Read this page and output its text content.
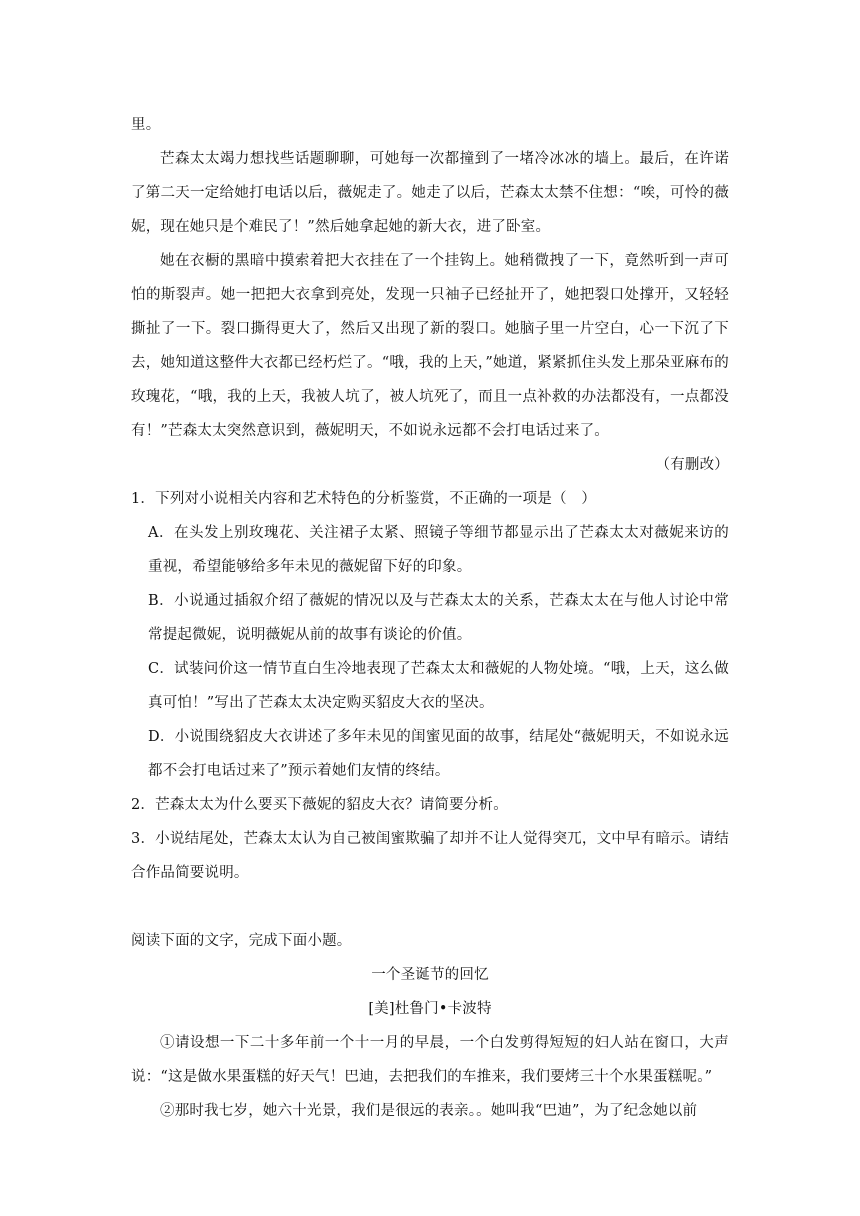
里。

芒森太太竭力想找些话题聊聊，可她每一次都撞到了一堵冷冰冰的墙上。最后，在许诺了第二天一定给她打电话以后，薇妮走了。她走了以后，芒森太太禁不住想：“唉，可怜的薇妮，现在她只是个难民了！”然后她拿起她的新大衣，进了卧室。

她在衣橱的黑暗中摸索着把大衣挂在了一个挂钩上。她稍微拽了一下，竟然听到一声可怕的斯裂声。她一把把大衣拿到亮处，发现一只袖子已经扯开了，她把裂口处撑开，又轻轻撕扯了一下。裂口撕得更大了，然后又出现了新的裂口。她脑子里一片空白，心一下沉了下去，她知道这整件大衣都已经朽烂了。“哦，我的上天，”她道，紧紧抓住头发上那朵亚麻布的玫瑰花，“哦，我的上天，我被人坑了，被人坑死了，而且一点补救的办法都没有，一点都没有！”芒森太太突然意识到，薇妮明天，不如说永远都不会打电话过来了。

（有删改）

1．下列对小说相关内容和艺术特色的分析鉴赏，不正确的一项是（　）

A．在头发上别玫瑰花、关注裙子太紧、照镜子等细节都显示出了芒森太太对薇妮来访的重视，希望能够给多年未见的薇妮留下好的印象。

B．小说通过插叙介绍了薇妮的情况以及与芒森太太的关系，芒森太太在与他人讨论中常常提起微妮，说明薇妮从前的故事有谈论的价值。

C．试装问价这一情节直白生冷地表现了芒森太太和薇妮的人物处境。“哦，上天，这么做真可怕！”写出了芒森太太决定购买貂皮大衣的坚决。

D．小说围绕貂皮大衣讲述了多年未见的闺蜜见面的故事，结尾处“薇妮明天，不如说永远都不会打电话过来了”预示着她们友情的终结。

2．芒森太太为什么要买下薇妮的貂皮大衣？请简要分析。

3．小说结尾处，芒森太太认为自己被闺蜜欺骗了却并不让人觉得突兀，文中早有暗示。请结合作品简要说明。

阅读下面的文字，完成下面小题。

一个圣诞节的回忆

[美]杜鲁门•卡波特

①请设想一下二十多年前一个十一月的早晨，一个白发剪得短短的妇人站在窗口，大声说：“这是做水果蛋糕的好天气！巴迪，去把我们的车推来，我们要烤三十个水果蛋糕呢。”

②那时我七岁，她六十光景，我们是很远的表亲。。她叫我“巴迪”，为了纪念她以前
